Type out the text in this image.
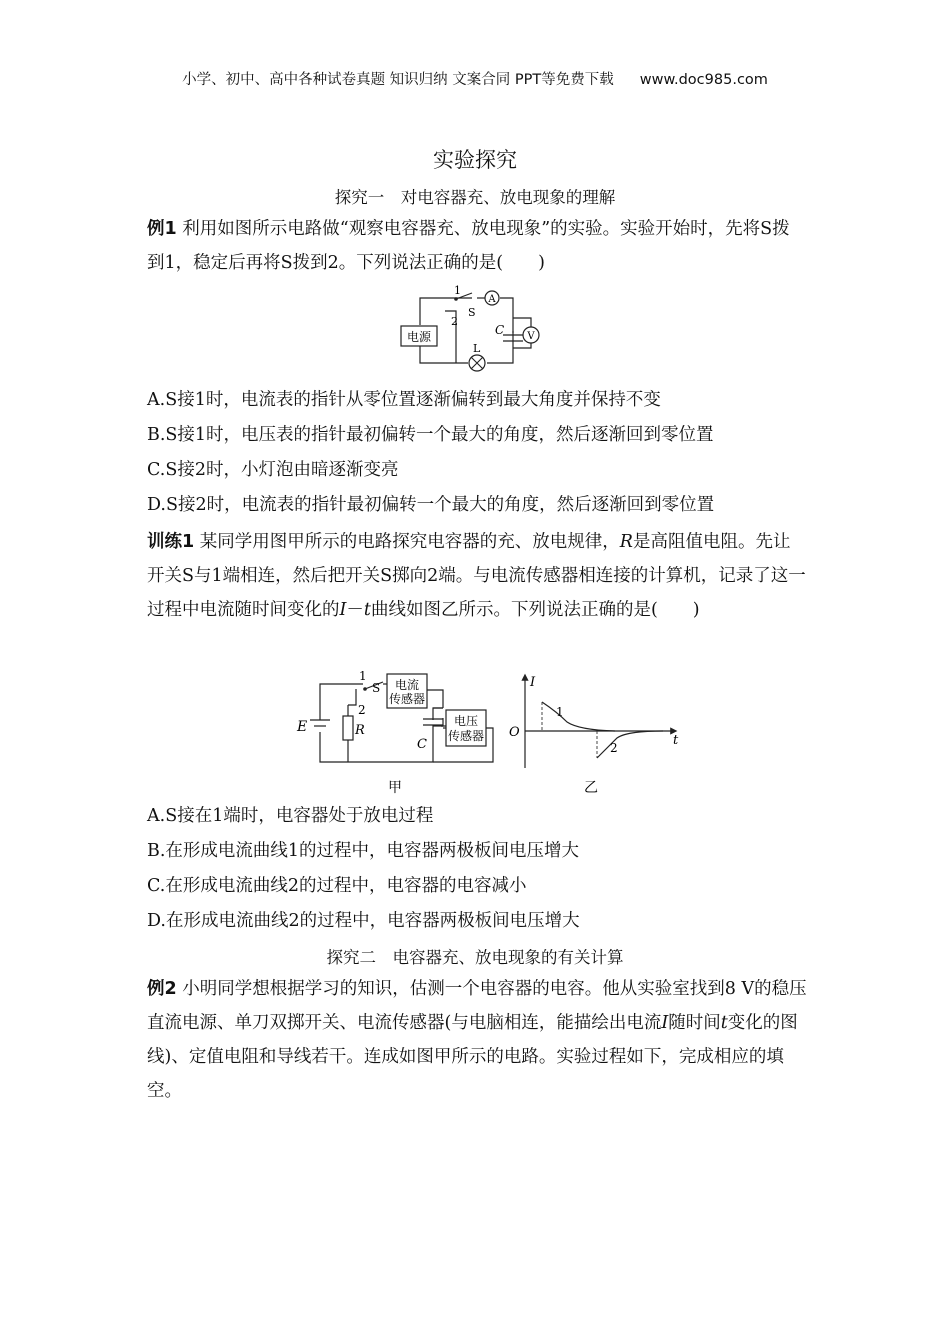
小学、初中、高中各种试卷真题 知识归纳 文案合同 PPT等免费下载 www.doc985.com
实验探究
探究一　对电容器充、放电现象的理解
例1 利用如图所示电路做“观察电容器充、放电现象”的实验。实验开始时，先将S拨到1，稳定后再将S拨到2。下列说法正确的是(　　)
电源
A
V
1
2
S
C
L
A.S接1时，电流表的指针从零位置逐渐偏转到最大角度并保持不变
B.S接1时，电压表的指针最初偏转一个最大的角度，然后逐渐回到零位置
C.S接2时，小灯泡由暗逐渐变亮
D.S接2时，电流表的指针最初偏转一个最大的角度，然后逐渐回到零位置
训练1 某同学用图甲所示的电路探究电容器的充、放电规律，R是高阻值电阻。先让开关S与1端相连，然后把开关S掷向2端。与电流传感器相连接的计算机，记录了这一过程中电流随时间变化的I－t曲线如图乙所示。下列说法正确的是(　　)
电流
传感器
电压
传感器
E	R
C
S
1
2
甲
I
t
O
1
2
乙
A.S接在1端时，电容器处于放电过程
B.在形成电流曲线1的过程中，电容器两极板间电压增大
C.在形成电流曲线2的过程中，电容器的电容减小
D.在形成电流曲线2的过程中，电容器两极板间电压增大
探究二　电容器充、放电现象的有关计算
例2 小明同学想根据学习的知识，估测一个电容器的电容。他从实验室找到8 V的稳压直流电源、单刀双掷开关、电流传感器(与电脑相连，能描绘出电流I随时间t变化的图线)、定值电阻和导线若干。连成如图甲所示的电路。实验过程如下，完成相应的填空。
